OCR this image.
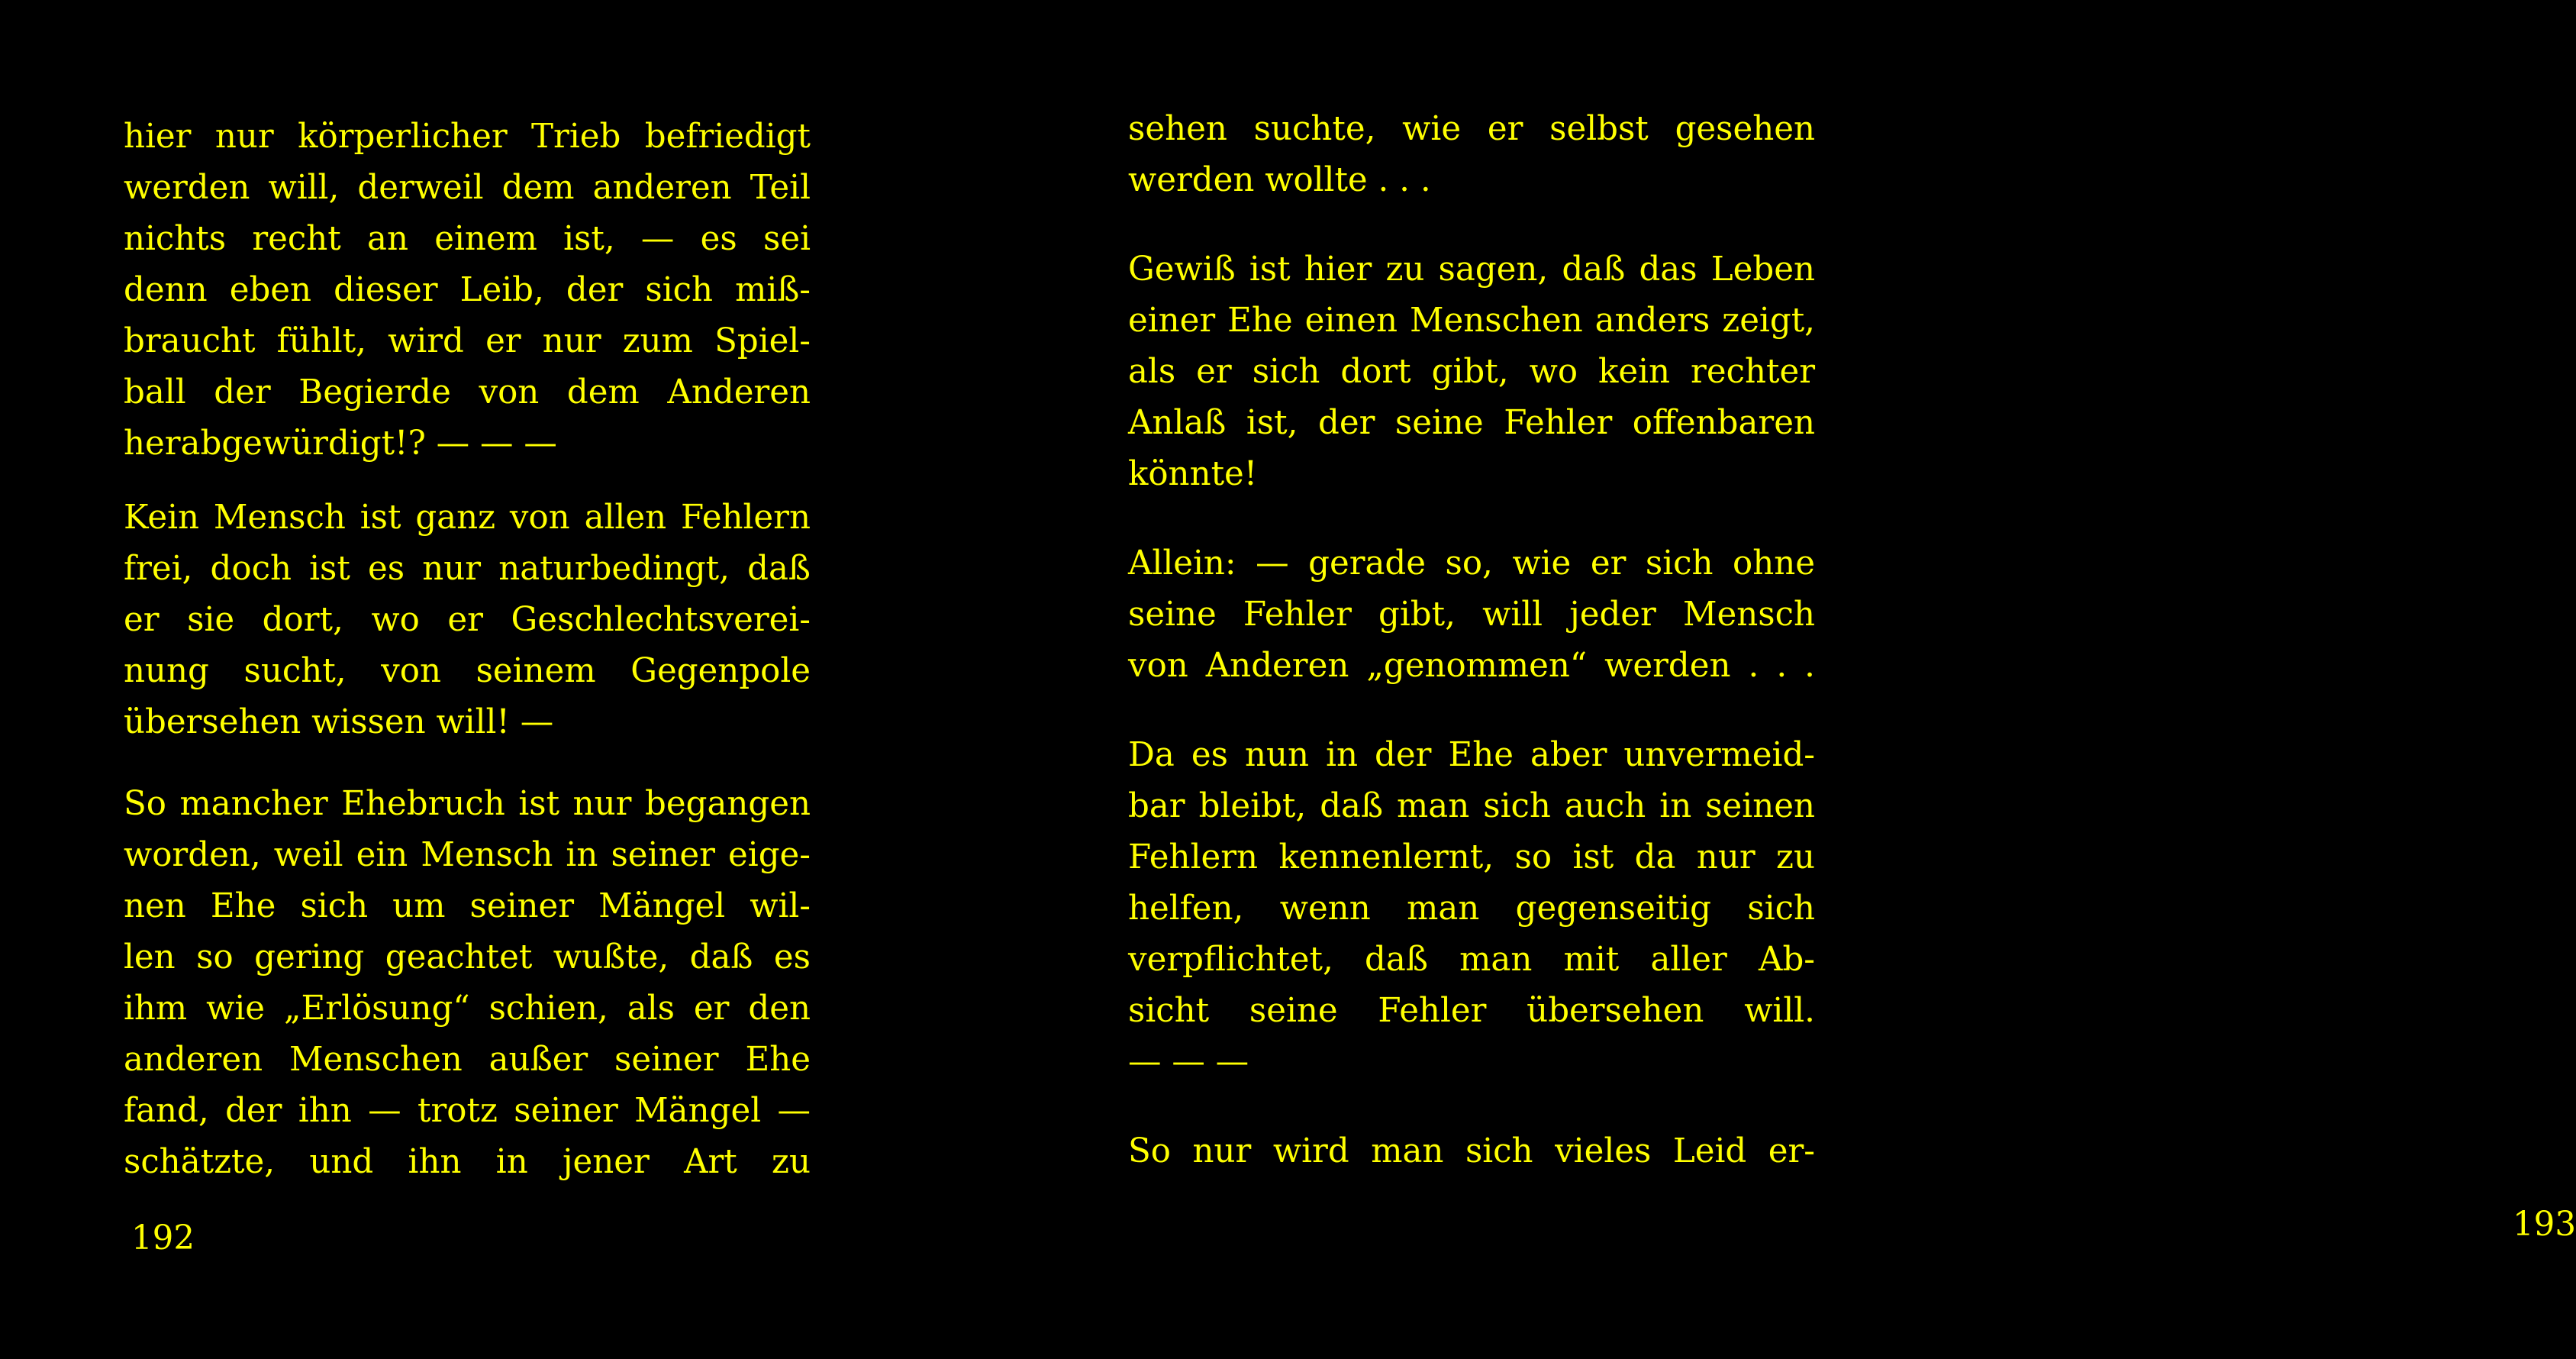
hier nur körperlicher Trieb befriedigt
werden will, derweil dem anderen Teil
nichts recht an einem ist, — es sei
denn eben dieser Leib, der sich miß-
braucht fühlt, wird er nur zum Spiel-
ball der Begierde von dem Anderen
herabgewürdigt!? — — —
Kein Mensch ist ganz von allen Fehlern
frei, doch ist es nur naturbedingt, daß
er sie dort, wo er Geschlechtsverei-
nung sucht, von seinem Gegenpole
übersehen wissen will! —
So mancher Ehebruch ist nur begangen
worden, weil ein Mensch in seiner eige-
nen Ehe sich um seiner Mängel wil-
len so gering geachtet wußte, daß es
ihm wie „Erlösung“ schien, als er den
anderen Menschen außer seiner Ehe
fand, der ihn — trotz seiner Mängel —
schätzte, und ihn in jener Art zu
192
sehen suchte, wie er selbst gesehen
werden wollte . . .
Gewiß ist hier zu sagen, daß das Leben
einer Ehe einen Menschen anders zeigt,
als er sich dort gibt, wo kein rechter
Anlaß ist, der seine Fehler offenbaren
könnte!
Allein: — gerade so, wie er sich ohne
seine Fehler gibt, will jeder Mensch
von Anderen „genommen“ werden . . .
Da es nun in der Ehe aber unvermeid-
bar bleibt, daß man sich auch in seinen
Fehlern kennenlernt, so ist da nur zu
helfen, wenn man gegenseitig sich
verpflichtet, daß man mit aller Ab-
sicht seine Fehler übersehen will.
— — —
So nur wird man sich vieles Leid er-
193
